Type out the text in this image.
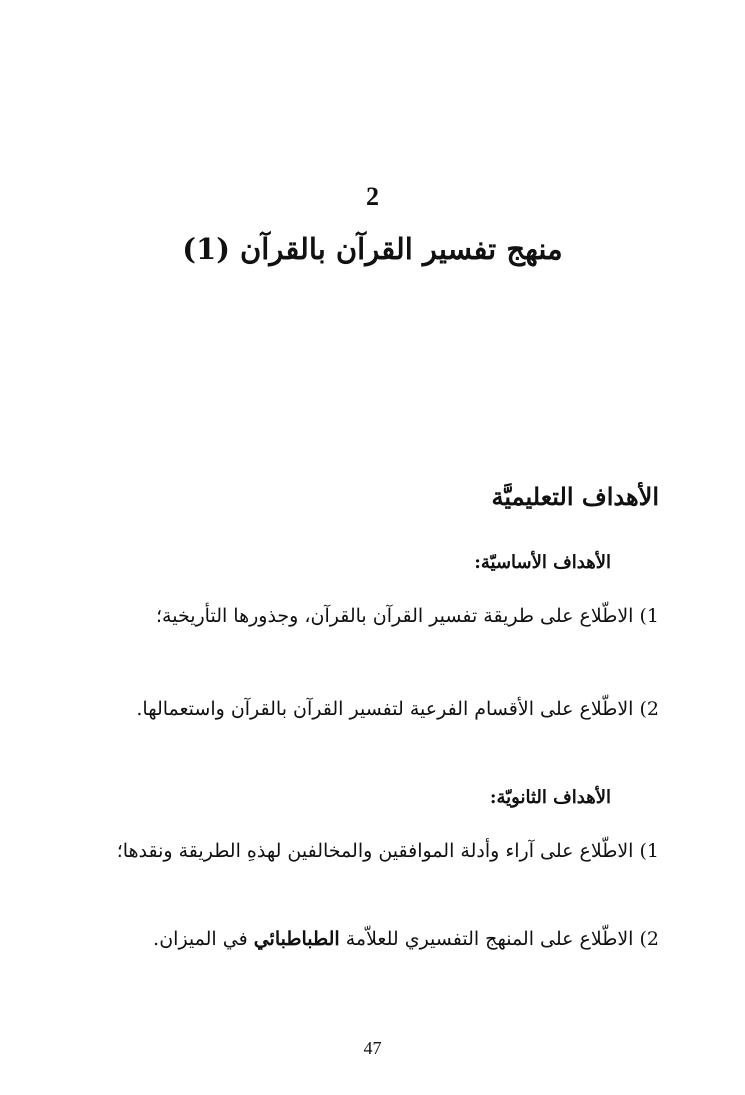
2
منهج تفسير القرآن بالقرآن (1)
الأهداف التعليميَّة
الأهداف الأساسيّة:

1) الاطّلاع على طريقة تفسير القرآن بالقرآن، وجذورها التأريخية؛

2) الاطّلاع على الأقسام الفرعية لتفسير القرآن بالقرآن واستعمالها.

الأهداف الثانويّة:

1) الاطّلاع على آراء وأدلة الموافقين والمخالفين لهذهِ الطريقة ونقدها؛

2) الاطّلاع على المنهج التفسيري للعلاّمة الطباطبائي في الميزان.

47
